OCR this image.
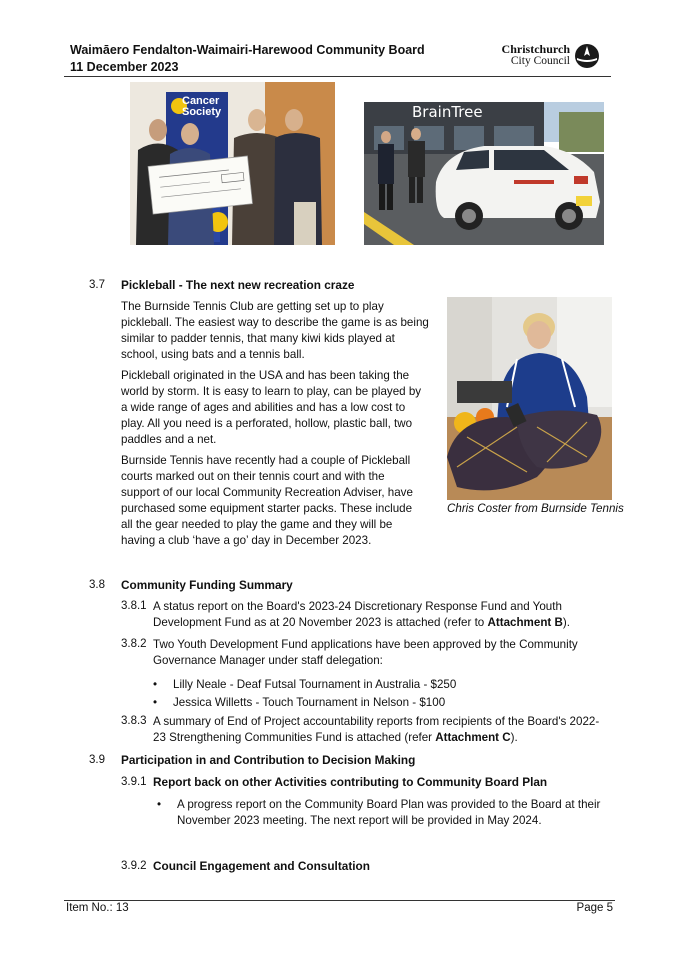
Waimāero Fendalton-Waimairi-Harewood Community Board
11 December 2023
Christchurch
City Council
Cancer
Society	BrainTree
3.7 Pickleball - The next new recreation craze
The Burnside Tennis Club are getting set up to play
pickleball. The easiest way to describe the game is as being
similar to padder tennis, that many kiwi kids played at
school, using bats and a tennis ball.
Pickleball originated in the USA and has been taking the
world by storm. It is easy to learn to play, can be played by
a wide range of ages and abilities and has a low cost to
play. All you need is a perforated, hollow, plastic ball, two
paddles and a net.
Burnside Tennis have recently had a couple of Pickleball
courts marked out on their tennis court and with the
support of our local Community Recreation Adviser, have
purchased some equipment starter packs. These include
all the gear needed to play the game and they will be
having a club ‘have a go’ day in December 2023.
Chris Coster from Burnside Tennis
3.8 Community Funding Summary
3.8.1 A status report on the Board's 2023-24 Discretionary Response Fund and Youth
Development Fund as at 20 November 2023 is attached (refer to Attachment B).
3.8.2 Two Youth Development Fund applications have been approved by the Community
Governance Manager under staff delegation:
• Lilly Neale - Deaf Futsal Tournament in Australia - $250
• Jessica Willetts - Touch Tournament in Nelson - $100
3.8.3 A summary of End of Project accountability reports from recipients of the Board's 2022-
23 Strengthening Communities Fund is attached (refer Attachment C).
3.9 Participation in and Contribution to Decision Making
3.9.1 Report back on other Activities contributing to Community Board Plan
• A progress report on the Community Board Plan was provided to the Board at their
November 2023 meeting. The next report will be provided in May 2024.
3.9.2 Council Engagement and Consultation
Item No.: 13	Page 5
